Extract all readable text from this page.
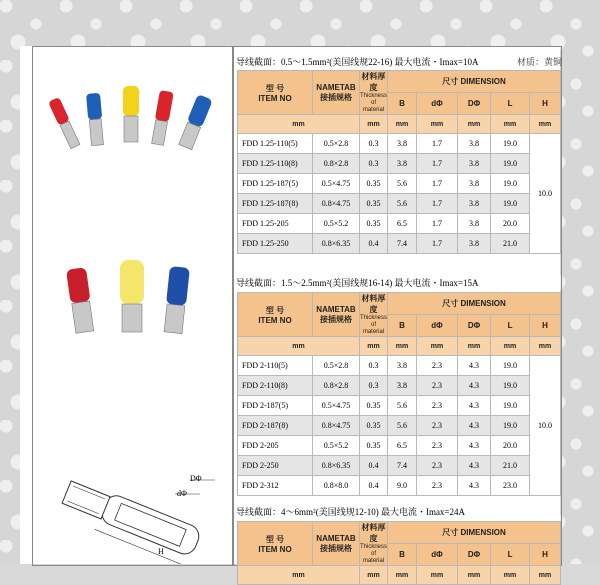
材质：黄铜
导线截面：0.5～1.5mm²(美国线规22-16) 最大电流・Imax=10A
型 号
ITEM NO	NAMETAB
接插规格	材料厚度
Thickness of material	尺寸 DIMENSION				
			B	dΦ	DΦ	L	H
mm		mm	mm	mm	mm	mm	mm
FDD 1.25-110(5)	0.5×2.8	0.3	3.8	1.7	3.8	19.0	10.0
FDD 1.25-110(8)	0.8×2.8	0.3	3.8	1.7	3.8	19.0	
FDD 1.25-187(5)	0.5×4.75	0.35	5.6	1.7	3.8	19.0	
FDD 1.25-187(8)	0.8×4.75	0.35	5.6	1.7	3.8	19.0	
FDD 1.25-205	0.5×5.2	0.35	6.5	1.7	3.8	20.0	
FDD 1.25-250	0.8×6.35	0.4	7.4	1.7	3.8	21.0	
导线截面：1.5～2.5mm²(美国线规16-14) 最大电流・Imax=15A
型 号
ITEM NO	NAMETAB
接插规格	材料厚度
Thickness of material	尺寸 DIMENSION				
			B	dΦ	DΦ	L	H
mm		mm	mm	mm	mm	mm	mm
FDD 2-110(5)	0.5×2.8	0.3	3.8	2.3	4.3	19.0	10.0
FDD 2-110(8)	0.8×2.8	0.3	3.8	2.3	4.3	19.0	
FDD 2-187(5)	0.5×4.75	0.35	5.6	2.3	4.3	19.0	
FDD 2-187(8)	0.8×4.75	0.35	5.6	2.3	4.3	19.0	
FDD 2-205	0.5×5.2	0.35	6.5	2.3	4.3	20.0	
FDD 2-250	0.8×6.35	0.4	7.4	2.3	4.3	21.0	
FDD 2-312	0.8×8.0	0.4	9.0	2.3	4.3	23.0	
导线截面：4～6mm²(美国线规12-10) 最大电流・Imax=24A
型 号
ITEM NO	NAMETAB
接插规格	材料厚度
Thickness of material	尺寸 DIMENSION				
			B	dΦ	DΦ	L	H
mm		mm	mm	mm	mm	mm	mm
DΦ
dΦ
H
